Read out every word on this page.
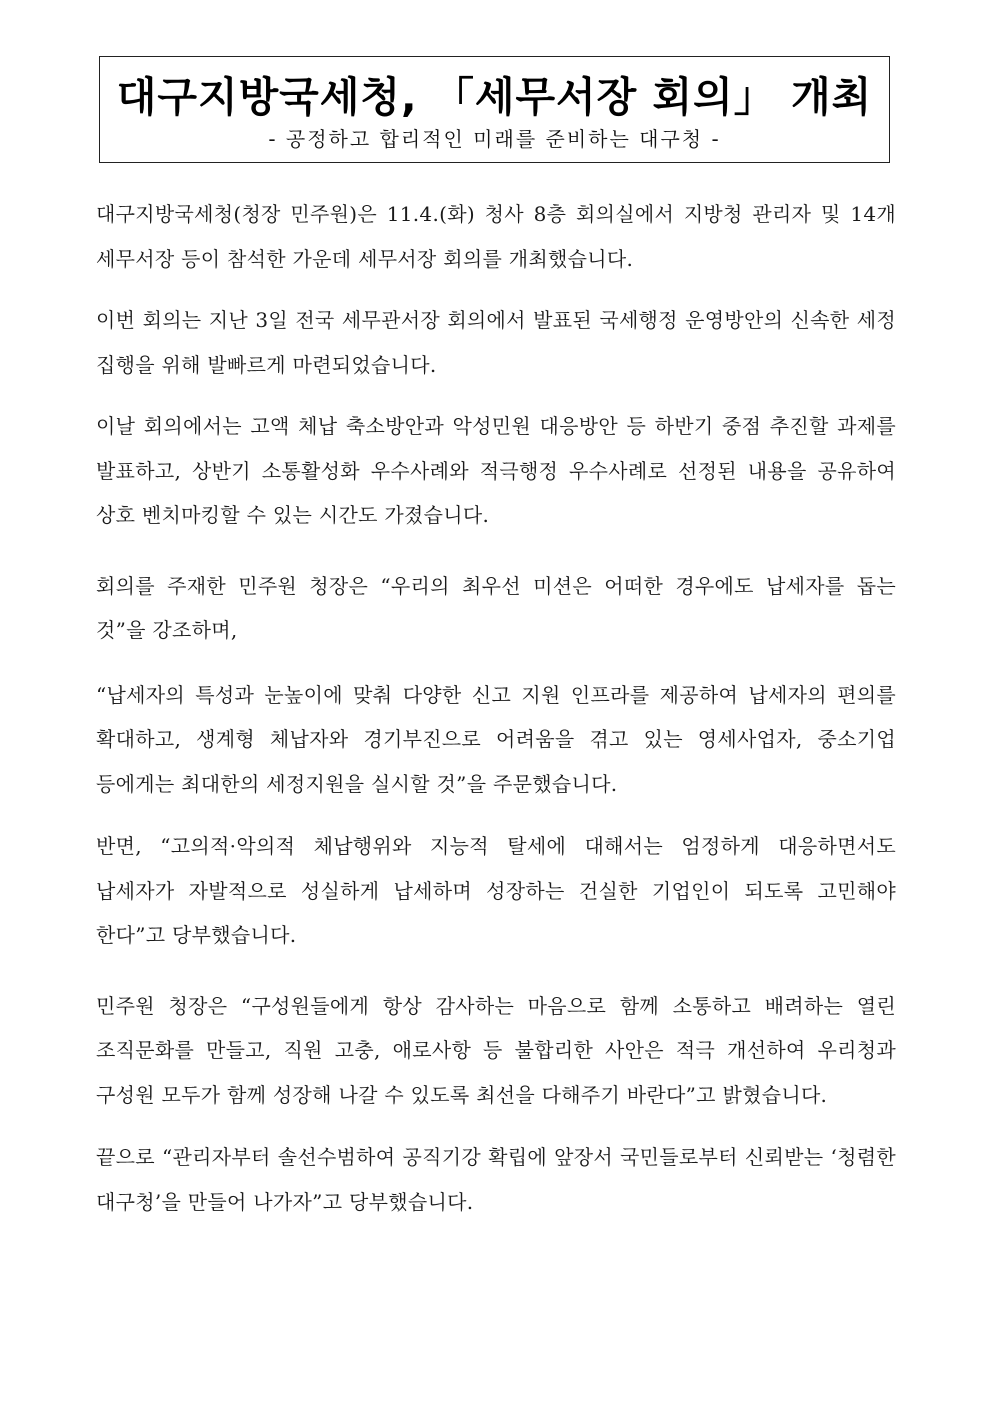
대구지방국세청, 「세무서장 회의」 개최
- 공정하고 합리적인 미래를 준비하는 대구청 -

대구지방국세청(청장 민주원)은 11.4.(화) 청사 8층 회의실에서 지방청 관리자 및 14개 세무서장 등이 참석한 가운데 세무서장 회의를 개최했습니다.

이번 회의는 지난 3일 전국 세무관서장 회의에서 발표된 국세행정 운영방안의 신속한 세정 집행을 위해 발빠르게 마련되었습니다.

이날 회의에서는 고액 체납 축소방안과 악성민원 대응방안 등 하반기 중점 추진할 과제를 발표하고, 상반기 소통활성화 우수사례와 적극행정 우수사례로 선정된 내용을 공유하여 상호 벤치마킹할 수 있는 시간도 가졌습니다.

회의를 주재한 민주원 청장은 “우리의 최우선 미션은 어떠한 경우에도 납세자를 돕는 것”을 강조하며,

“납세자의 특성과 눈높이에 맞춰 다양한 신고 지원 인프라를 제공하여 납세자의 편의를 확대하고, 생계형 체납자와 경기부진으로 어려움을 겪고 있는 영세사업자, 중소기업 등에게는 최대한의 세정지원을 실시할 것”을 주문했습니다.

반면, “고의적·악의적 체납행위와 지능적 탈세에 대해서는 엄정하게 대응하면서도 납세자가 자발적으로 성실하게 납세하며 성장하는 건실한 기업인이 되도록 고민해야 한다”고 당부했습니다.

민주원 청장은 “구성원들에게 항상 감사하는 마음으로 함께 소통하고 배려하는 열린 조직문화를 만들고, 직원 고충, 애로사항 등 불합리한 사안은 적극 개선하여 우리청과 구성원 모두가 함께 성장해 나갈 수 있도록 최선을 다해주기 바란다”고 밝혔습니다.

끝으로 “관리자부터 솔선수범하여 공직기강 확립에 앞장서 국민들로부터 신뢰받는 ‘청렴한 대구청’을 만들어 나가자”고 당부했습니다.
